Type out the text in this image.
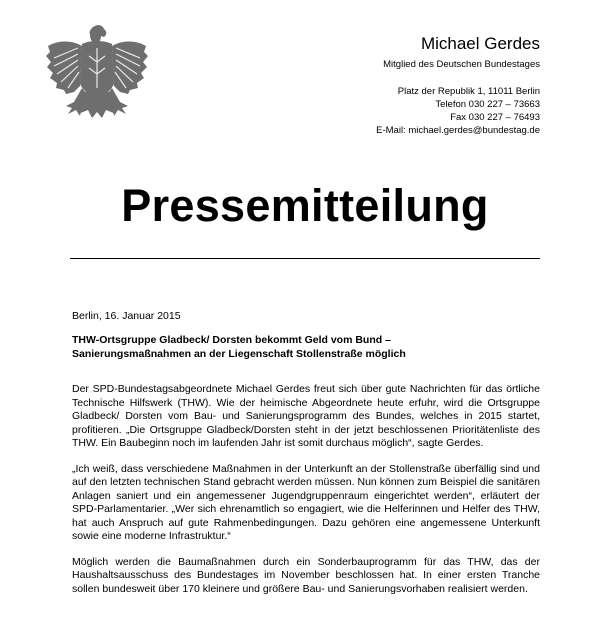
Michael Gerdes
Mitglied des Deutschen Bundestages
Platz der Republik 1, 11011 Berlin
Telefon 030 227 – 73663
Fax 030 227 – 76493
E-Mail: michael.gerdes@bundestag.de
Pressemitteilung
Berlin, 16. Januar 2015
THW-Ortsgruppe Gladbeck/ Dorsten bekommt Geld vom Bund –
Sanierungsmaßnahmen an der Liegenschaft Stollenstraße möglich

Der SPD-Bundestagsabgeordnete Michael Gerdes freut sich über gute Nachrichten für das örtliche Technische Hilfswerk (THW). Wie der heimische Abgeordnete heute erfuhr, wird die Ortsgruppe Gladbeck/ Dorsten vom Bau- und Sanierungsprogramm des Bundes, welches in 2015 startet, profitieren. „Die Ortsgruppe Gladbeck/Dorsten steht in der jetzt beschlossenen Prioritätenliste des THW. Ein Baubeginn noch im laufenden Jahr ist somit durchaus möglich“, sagte Gerdes.

„Ich weiß, dass verschiedene Maßnahmen in der Unterkunft an der Stollenstraße überfällig sind und auf den letzten technischen Stand gebracht werden müssen. Nun können zum Beispiel die sanitären Anlagen saniert und ein angemessener Jugendgruppenraum eingerichtet werden“, erläutert der SPD-Parlamentarier. „Wer sich ehrenamtlich so engagiert, wie die Helferinnen und Helfer des THW, hat auch Anspruch auf gute Rahmenbedingungen. Dazu gehören eine angemessene Unterkunft sowie eine moderne Infrastruktur.“

Möglich werden die Baumaßnahmen durch ein Sonderbauprogramm für das THW, das der Haushaltsausschuss des Bundestages im November beschlossen hat. In einer ersten Tranche sollen bundesweit über 170 kleinere und größere Bau- und Sanierungsvorhaben realisiert werden.
